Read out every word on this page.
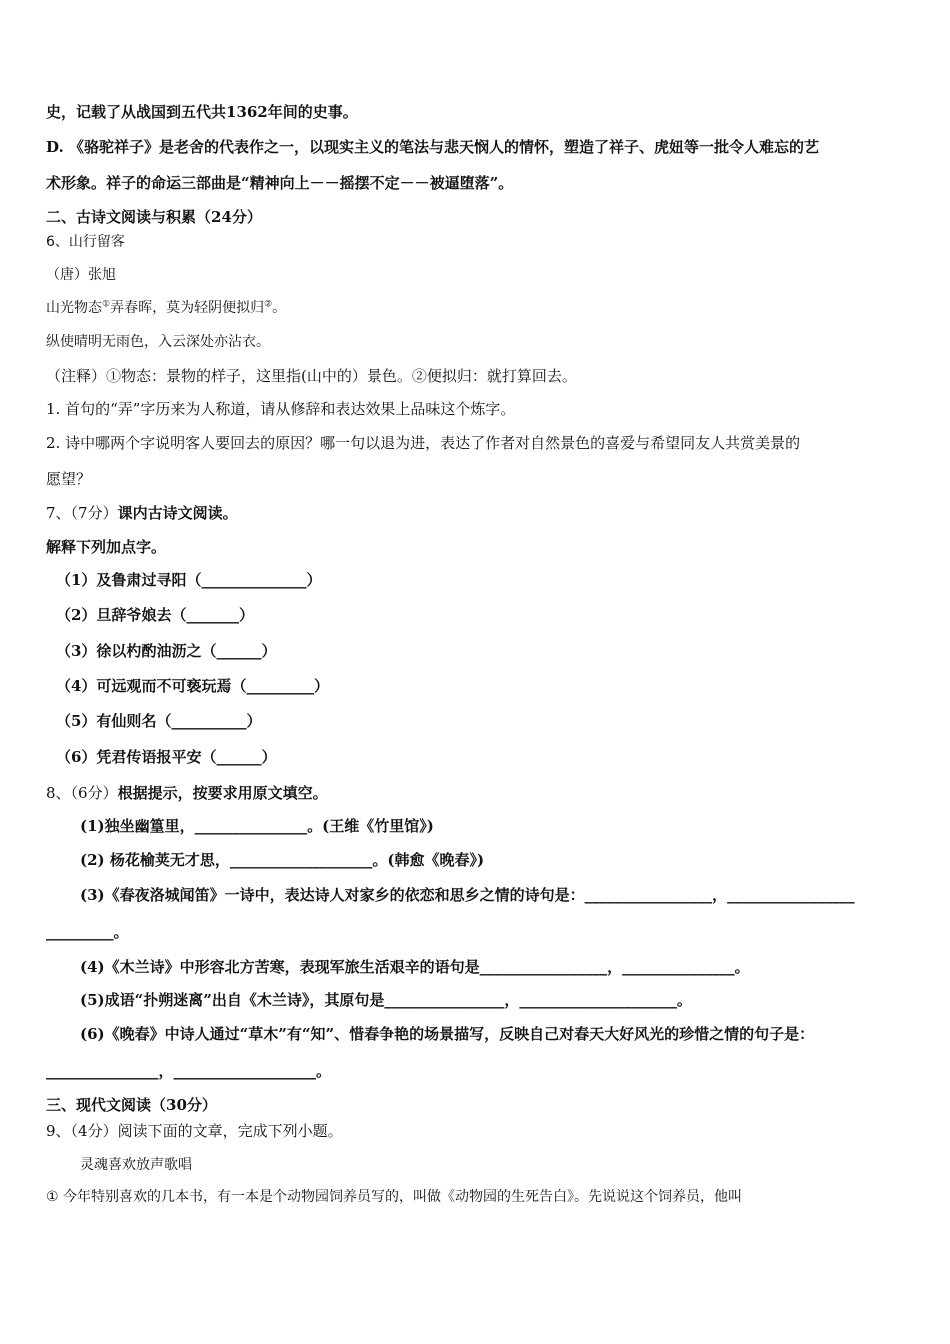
史，记载了从战国到五代共1362年间的史事。
D. 《骆驼祥子》是老舍的代表作之一，以现实主义的笔法与悲天悯人的情怀，塑造了祥子、虎妞等一批令人难忘的艺
术形象。祥子的命运三部曲是“精神向上－－摇摆不定－－被逼堕落”。
二、古诗文阅读与积累（24分）
6、山行留客
（唐）张旭
山光物态①弄春晖，莫为轻阴便拟归②。
纵使晴明无雨色，入云深处亦沾衣。
（注释）①物态：景物的样子，这里指(山中的）景色。②便拟归：就打算回去。
1. 首句的“弄”字历来为人称道，请从修辞和表达效果上品味这个炼字。
2. 诗中哪两个字说明客人要回去的原因？哪一句以退为进，表达了作者对自然景色的喜爱与希望同友人共赏美景的
愿望？
7、（7分）课内古诗文阅读。
解释下列加点字。
（1）及鲁肃过寻阳（______________）
（2）旦辞爷娘去（_______）
（3）徐以杓酌油沥之（______）
（4）可远观而不可亵玩焉（_________）
（5）有仙则名（__________）
（6）凭君传语报平安（______）
8、（6分）根据提示，按要求用原文填空。
(1)独坐幽篁里，_______________。(王维《竹里馆》)
(2) 杨花榆荚无才思，___________________。(韩愈《晚春》)
(3)《春夜洛城闻笛》一诗中，表达诗人对家乡的依恋和思乡之情的诗句是：_________________，_________________
_________。
(4)《木兰诗》中形容北方苦寒，表现军旅生活艰辛的语句是_________________，_______________。
(5)成语“扑朔迷离”出自《木兰诗》，其原句是________________，_____________________。
(6)《晚春》中诗人通过“草木”有“知”、惜春争艳的场景描写，反映自己对春天大好风光的珍惜之情的句子是：
_______________，___________________。
三、现代文阅读（30分）
9、（4分）阅读下面的文章，完成下列小题。
灵魂喜欢放声歌唱
① 今年特别喜欢的几本书，有一本是个动物园饲养员写的，叫做《动物园的生死告白》。先说说这个饲养员，他叫
